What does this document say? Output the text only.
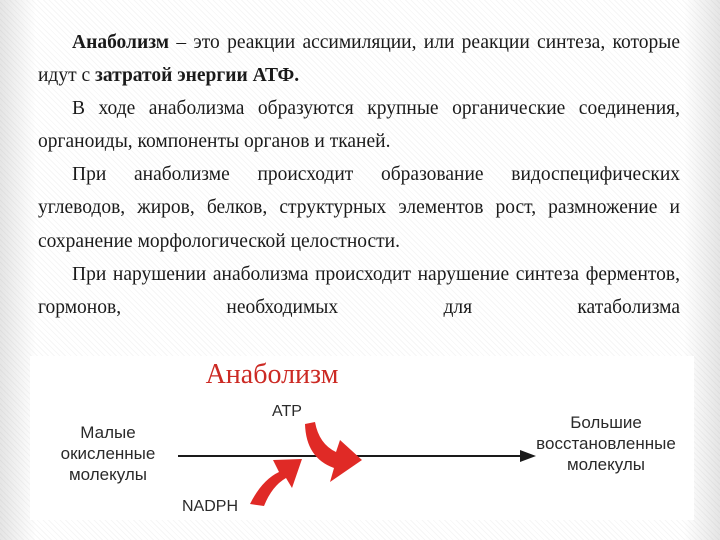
Анаболизм – это реакции ассимиляции, или реакции синтеза, которые идут с затратой энергии АТФ.

В ходе анаболизма образуются крупные органические соединения, органоиды, компоненты органов и тканей.

При анаболизме происходит образование видоспецифических углеводов, жиров, белков, структурных элементов рост, размножение и сохранение морфологической целостности.

При нарушении анаболизма происходит нарушение синтеза ферментов, гормонов, необходимых для катаболизма

Анаболизм
Малые
окисленные
молекулы
Большие
восстановленные
молекулы
ATP
NADPH
